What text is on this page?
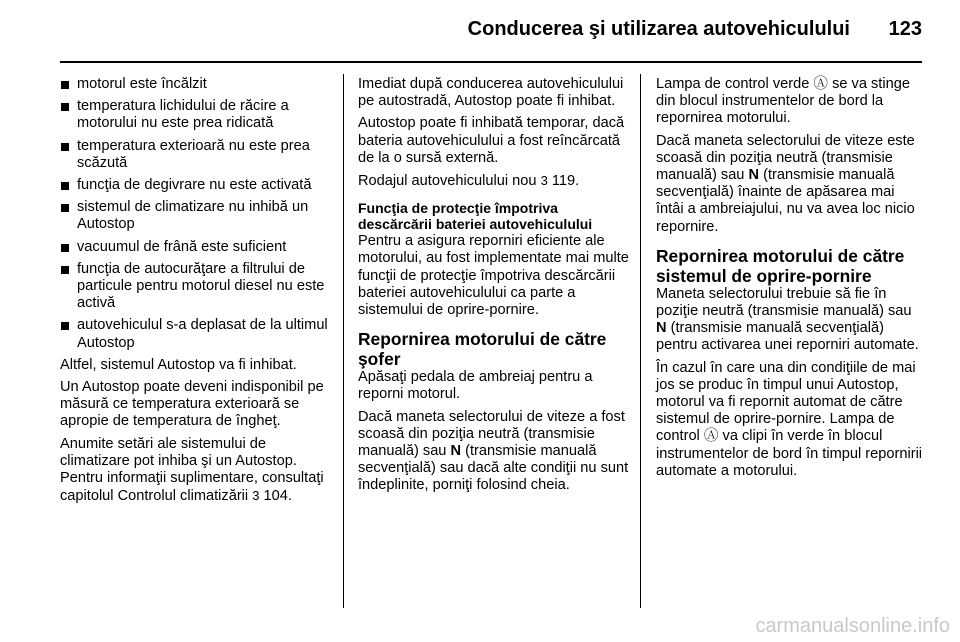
Conducerea şi utilizarea autovehiculului 123
motorul este încălzit
temperatura lichidului de răcire a motorului nu este prea ridicată
temperatura exterioară nu este prea scăzută
funcţia de degivrare nu este activată
sistemul de climatizare nu inhibă un Autostop
vacuumul de frână este suficient
funcţia de autocurăţare a filtrului de particule pentru motorul diesel nu este activă
autovehiculul s-a deplasat de la ultimul Autostop

Altfel, sistemul Autostop va fi inhibat.

Un Autostop poate deveni indisponibil pe măsură ce temperatura exterioară se apropie de temperatura de îngheţ.

Anumite setări ale sistemului de climatizare pot inhiba şi un Autostop. Pentru informaţii suplimentare, consultaţi capitolul Controlul climatizării 3 104.

Imediat după conducerea autovehiculului pe autostradă, Autostop poate fi inhibat.

Autostop poate fi inhibată temporar, dacă bateria autovehiculului a fost reîncărcată de la o sursă externă.

Rodajul autovehiculului nou 3 119.

Funcţia de protecţie împotriva descărcării bateriei autovehiculului

Pentru a asigura reporniri eficiente ale motorului, au fost implementate mai multe funcţii de protecţie împotriva descărcării bateriei autovehiculului ca parte a sistemului de oprire-pornire.

Repornirea motorului de către şofer

Apăsaţi pedala de ambreiaj pentru a reporni motorul.

Dacă maneta selectorului de viteze a fost scoasă din poziţia neutră (transmisie manuală) sau N (transmisie manuală secvenţială) sau dacă alte condiţii nu sunt îndeplinite, porniţi folosind cheia.

Lampa de control verde Ⓐ se va stinge din blocul instrumentelor de bord la repornirea motorului.

Dacă maneta selectorului de viteze este scoasă din poziţia neutră (transmisie manuală) sau N (transmisie manuală secvenţială) înainte de apăsarea mai întâi a ambreiajului, nu va avea loc nicio repornire.

Repornirea motorului de către sistemul de oprire-pornire

Maneta selectorului trebuie să fie în poziţie neutră (transmisie manuală) sau N (transmisie manuală secvenţială) pentru activarea unei reporniri automate.

În cazul în care una din condiţiile de mai jos se produc în timpul unui Autostop, motorul va fi repornit automat de către sistemul de oprire-pornire. Lampa de control Ⓐ va clipi în verde în blocul instrumentelor de bord în timpul repornirii automate a motorului.

carmanualsonline.info
